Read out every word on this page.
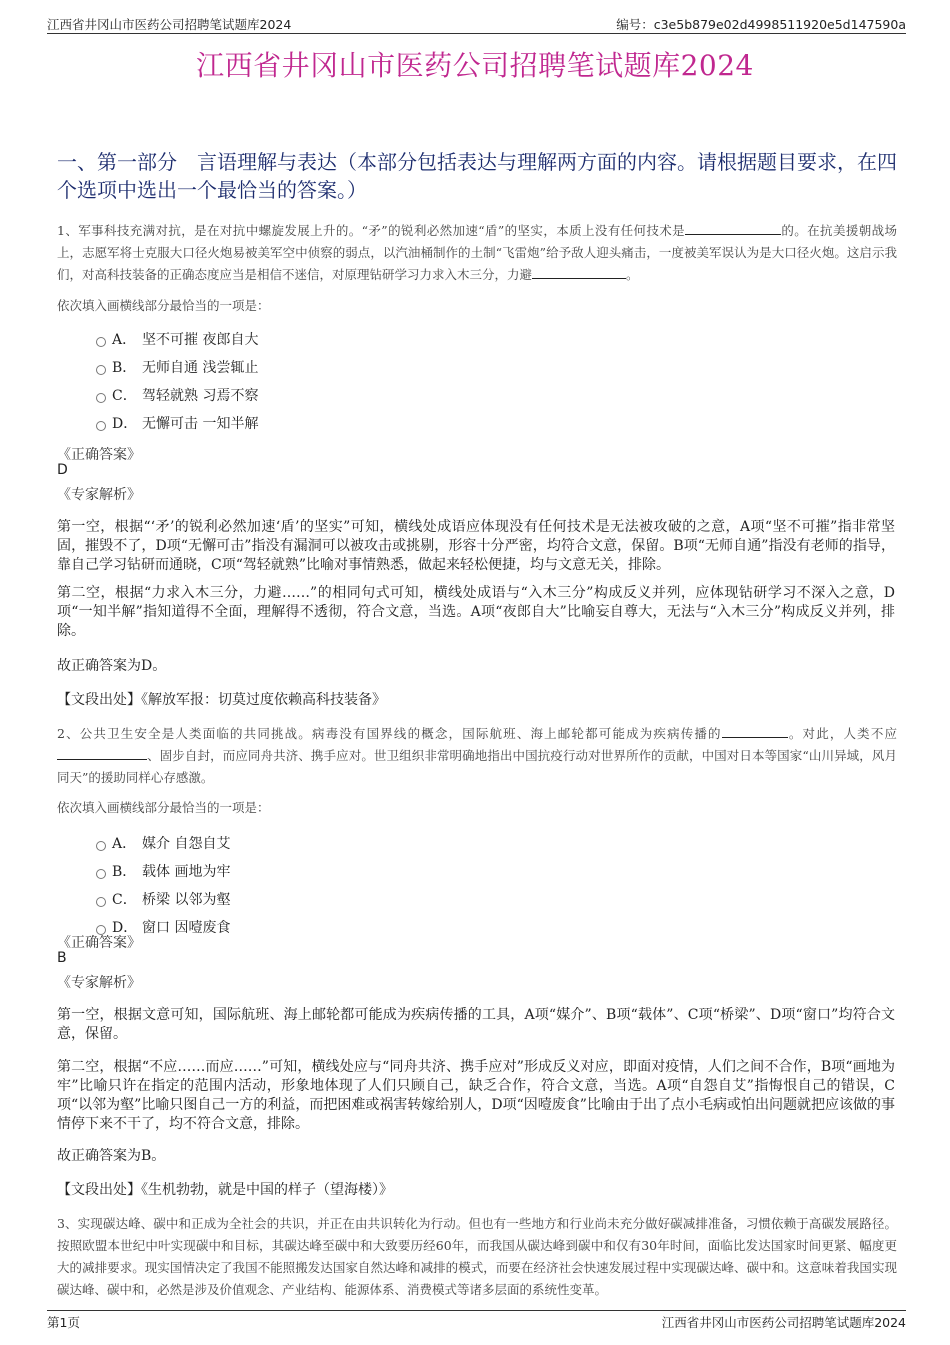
江西省井冈山市医药公司招聘笔试题库2024	编号：c3e5b879e02d4998511920e5d147590a
江西省井冈山市医药公司招聘笔试题库2024
一、第一部分　言语理解与表达（本部分包括表达与理解两方面的内容。请根据题目要求，在四个选项中选出一个最恰当的答案。）
1、军事科技充满对抗，是在对抗中螺旋发展上升的。“矛”的锐利必然加速“盾”的坚实，本质上没有任何技术是	的。在抗美援朝战场上，志愿军将士克服大口径火炮易被美军空中侦察的弱点，以汽油桶制作的土制“飞雷炮”给予敌人迎头痛击，一度被美军误认为是大口径火炮。这启示我们，对高科技装备的正确态度应当是相信不迷信，对原理钻研学习力求入木三分，力避	。
依次填入画横线部分最恰当的一项是：
A． 坚不可摧 夜郎自大
B． 无师自通 浅尝辄止
C． 驾轻就熟 习焉不察
D． 无懈可击 一知半解
《正确答案》
D
《专家解析》
第一空，根据“‘矛’的锐利必然加速‘盾’的坚实”可知，横线处成语应体现没有任何技术是无法被攻破的之意，A项“坚不可摧”指非常坚固，摧毁不了，D项“无懈可击”指没有漏洞可以被攻击或挑剔，形容十分严密，均符合文意，保留。B项“无师自通”指没有老师的指导，靠自己学习钻研而通晓，C项“驾轻就熟”比喻对事情熟悉，做起来轻松便捷，均与文意无关，排除。
第二空，根据“力求入木三分，力避……”的相同句式可知，横线处成语与“入木三分”构成反义并列，应体现钻研学习不深入之意，D项“一知半解”指知道得不全面，理解得不透彻，符合文意，当选。A项“夜郎自大”比喻妄自尊大，无法与“入木三分”构成反义并列，排除。
故正确答案为D。
【文段出处】《解放军报：切莫过度依赖高科技装备》
2、公共卫生安全是人类面临的共同挑战。病毒没有国界线的概念，国际航班、海上邮轮都可能成为疾病传播的	。对此，人类不应、固步自封，而应同舟共济、携手应对。世卫组织非常明确地指出中国抗疫行动对世界所作的贡献，中国对日本等国家“山川异域，风月同天”的援助同样心存感激。
依次填入画横线部分最恰当的一项是：
A． 媒介 自怨自艾
B． 载体 画地为牢
C． 桥梁 以邻为壑
D． 窗口 因噎废食
《正确答案》
B
《专家解析》
第一空，根据文意可知，国际航班、海上邮轮都可能成为疾病传播的工具，A项“媒介”、B项“载体”、C项“桥梁”、D项“窗口”均符合文意，保留。
第二空，根据“不应……而应……”可知，横线处应与“同舟共济、携手应对”形成反义对应，即面对疫情，人们之间不合作，B项“画地为牢”比喻只许在指定的范围内活动，形象地体现了人们只顾自己，缺乏合作，符合文意，当选。A项“自怨自艾”指悔恨自己的错误，C项“以邻为壑”比喻只图自己一方的利益，而把困难或祸害转嫁给别人，D项“因噎废食”比喻由于出了点小毛病或怕出问题就把应该做的事情停下来不干了，均不符合文意，排除。
故正确答案为B。
【文段出处】《生机勃勃，就是中国的样子（望海楼）》
3、实现碳达峰、碳中和正成为全社会的共识，并正在由共识转化为行动。但也有一些地方和行业尚未充分做好碳减排准备，习惯依赖于高碳发展路径。按照欧盟本世纪中叶实现碳中和目标，其碳达峰至碳中和大致要历经60年，而我国从碳达峰到碳中和仅有30年时间，面临比发达国家时间更紧、幅度更大的减排要求。现实国情决定了我国不能照搬发达国家自然达峰和减排的模式，而要在经济社会快速发展过程中实现碳达峰、碳中和。这意味着我国实现碳达峰、碳中和，必然是涉及价值观念、产业结构、能源体系、消费模式等诸多层面的系统性变革。
第1页	江西省井冈山市医药公司招聘笔试题库2024
